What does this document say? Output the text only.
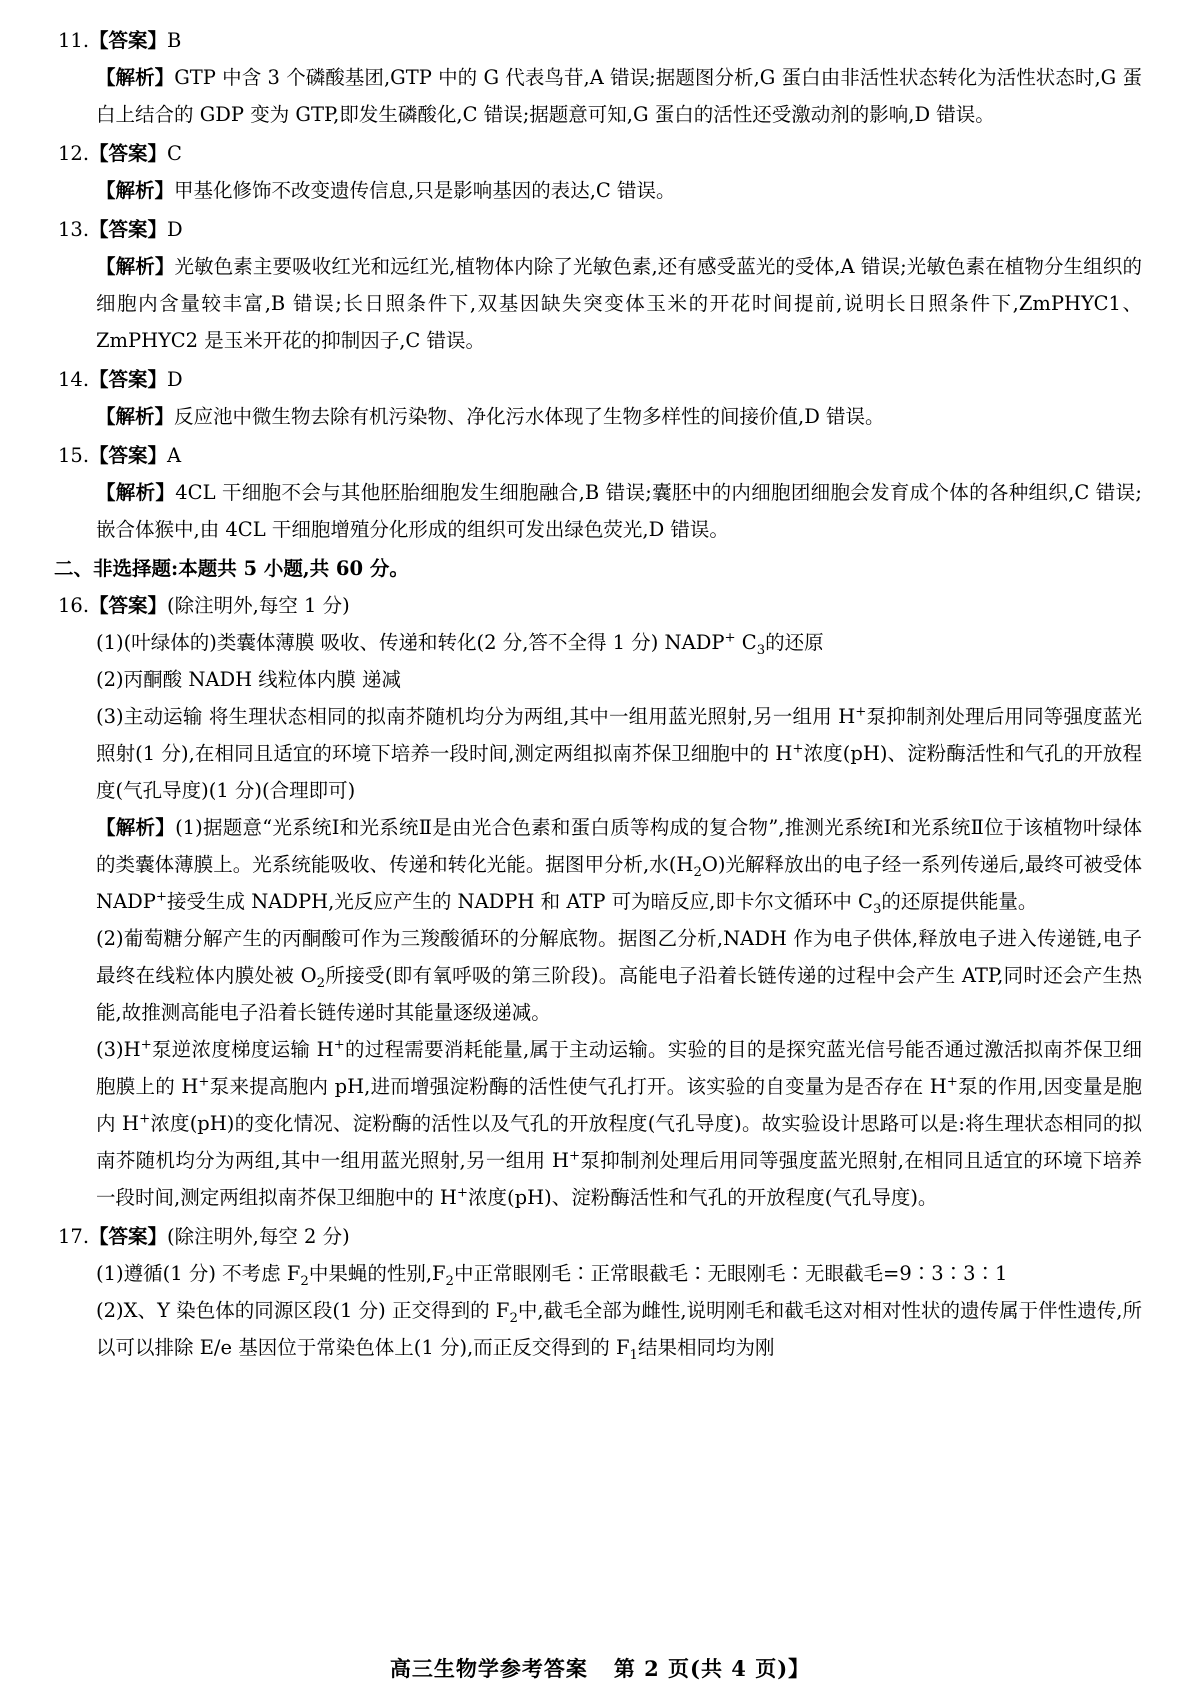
11.【答案】B
【解析】GTP 中含 3 个磷酸基团,GTP 中的 G 代表鸟苷,A 错误;据题图分析,G 蛋白由非活性状态转化为活性状态时,G 蛋白上结合的 GDP 变为 GTP,即发生磷酸化,C 错误;据题意可知,G 蛋白的活性还受激动剂的影响,D 错误。
12.【答案】C
【解析】甲基化修饰不改变遗传信息,只是影响基因的表达,C 错误。
13.【答案】D
【解析】光敏色素主要吸收红光和远红光,植物体内除了光敏色素,还有感受蓝光的受体,A 错误;光敏色素在植物分生组织的细胞内含量较丰富,B 错误;长日照条件下,双基因缺失突变体玉米的开花时间提前,说明长日照条件下,ZmPHYC1、ZmPHYC2 是玉米开花的抑制因子,C 错误。
14.【答案】D
【解析】反应池中微生物去除有机污染物、净化污水体现了生物多样性的间接价值,D 错误。
15.【答案】A
【解析】4CL 干细胞不会与其他胚胎细胞发生细胞融合,B 错误;囊胚中的内细胞团细胞会发育成个体的各种组织,C 错误;嵌合体猴中,由 4CL 干细胞增殖分化形成的组织可发出绿色荧光,D 错误。
二、非选择题:本题共 5 小题,共 60 分。
16.【答案】(除注明外,每空 1 分)
(1)(叶绿体的)类囊体薄膜 吸收、传递和转化(2 分,答不全得 1 分) NADP+ $C_3$的还原
(2)丙酮酸 NADH 线粒体内膜 递减
(3)主动运输 将生理状态相同的拟南芥随机均分为两组,其中一组用蓝光照射,另一组用 H+泵抑制剂处理后用同等强度蓝光照射(1 分),在相同且适宜的环境下培养一段时间,测定两组拟南芥保卫细胞中的 H+浓度(pH)、淀粉酶活性和气孔的开放程度(气孔导度)(1 分)(合理即可)
【解析】(1)据题意“光系统Ⅰ和光系统Ⅱ是由光合色素和蛋白质等构成的复合物”,推测光系统Ⅰ和光系统Ⅱ位于该植物叶绿体的类囊体薄膜上。光系统能吸收、传递和转化光能。据图甲分析,水$(H_2O)$光解释放出的电子经一系列传递后,最终可被受体 NADP+接受生成 NADPH,光反应产生的 NADPH 和 ATP 可为暗反应,即卡尔文循环中 $C_3$的还原提供能量。
(2)葡萄糖分解产生的丙酮酸可作为三羧酸循环的分解底物。据图乙分析,NADH 作为电子供体,释放电子进入传递链,电子最终在线粒体内膜处被 $O_2$所接受(即有氧呼吸的第三阶段)。高能电子沿着长链传递的过程中会产生 ATP,同时还会产生热能,故推测高能电子沿着长链传递时其能量逐级递减。
(3)H+泵逆浓度梯度运输 H+的过程需要消耗能量,属于主动运输。实验的目的是探究蓝光信号能否通过激活拟南芥保卫细胞膜上的 H+泵来提高胞内 pH,进而增强淀粉酶的活性使气孔打开。该实验的自变量为是否存在 H+泵的作用,因变量是胞内 H+浓度(pH)的变化情况、淀粉酶的活性以及气孔的开放程度(气孔导度)。故实验设计思路可以是:将生理状态相同的拟南芥随机均分为两组,其中一组用蓝光照射,另一组用 H+泵抑制剂处理后用同等强度蓝光照射,在相同且适宜的环境下培养一段时间,测定两组拟南芥保卫细胞中的 H+浓度(pH)、淀粉酶活性和气孔的开放程度(气孔导度)。
17.【答案】(除注明外,每空 2 分)
(1)遵循(1 分) 不考虑 $F_2$中果蝇的性别$,F_2$中正常眼刚毛∶正常眼截毛∶无眼刚毛∶无眼截毛=9∶3∶3∶1
(2)X、Y 染色体的同源区段(1 分) 正交得到的 $F_2$中,截毛全部为雌性,说明刚毛和截毛这对相对性状的遗传属于伴性遗传,所以可以排除 E/e 基因位于常染色体上(1 分),而正反交得到的 $F_1$结果相同均为刚
高三生物学参考答案 第 2 页(共 4 页)】
